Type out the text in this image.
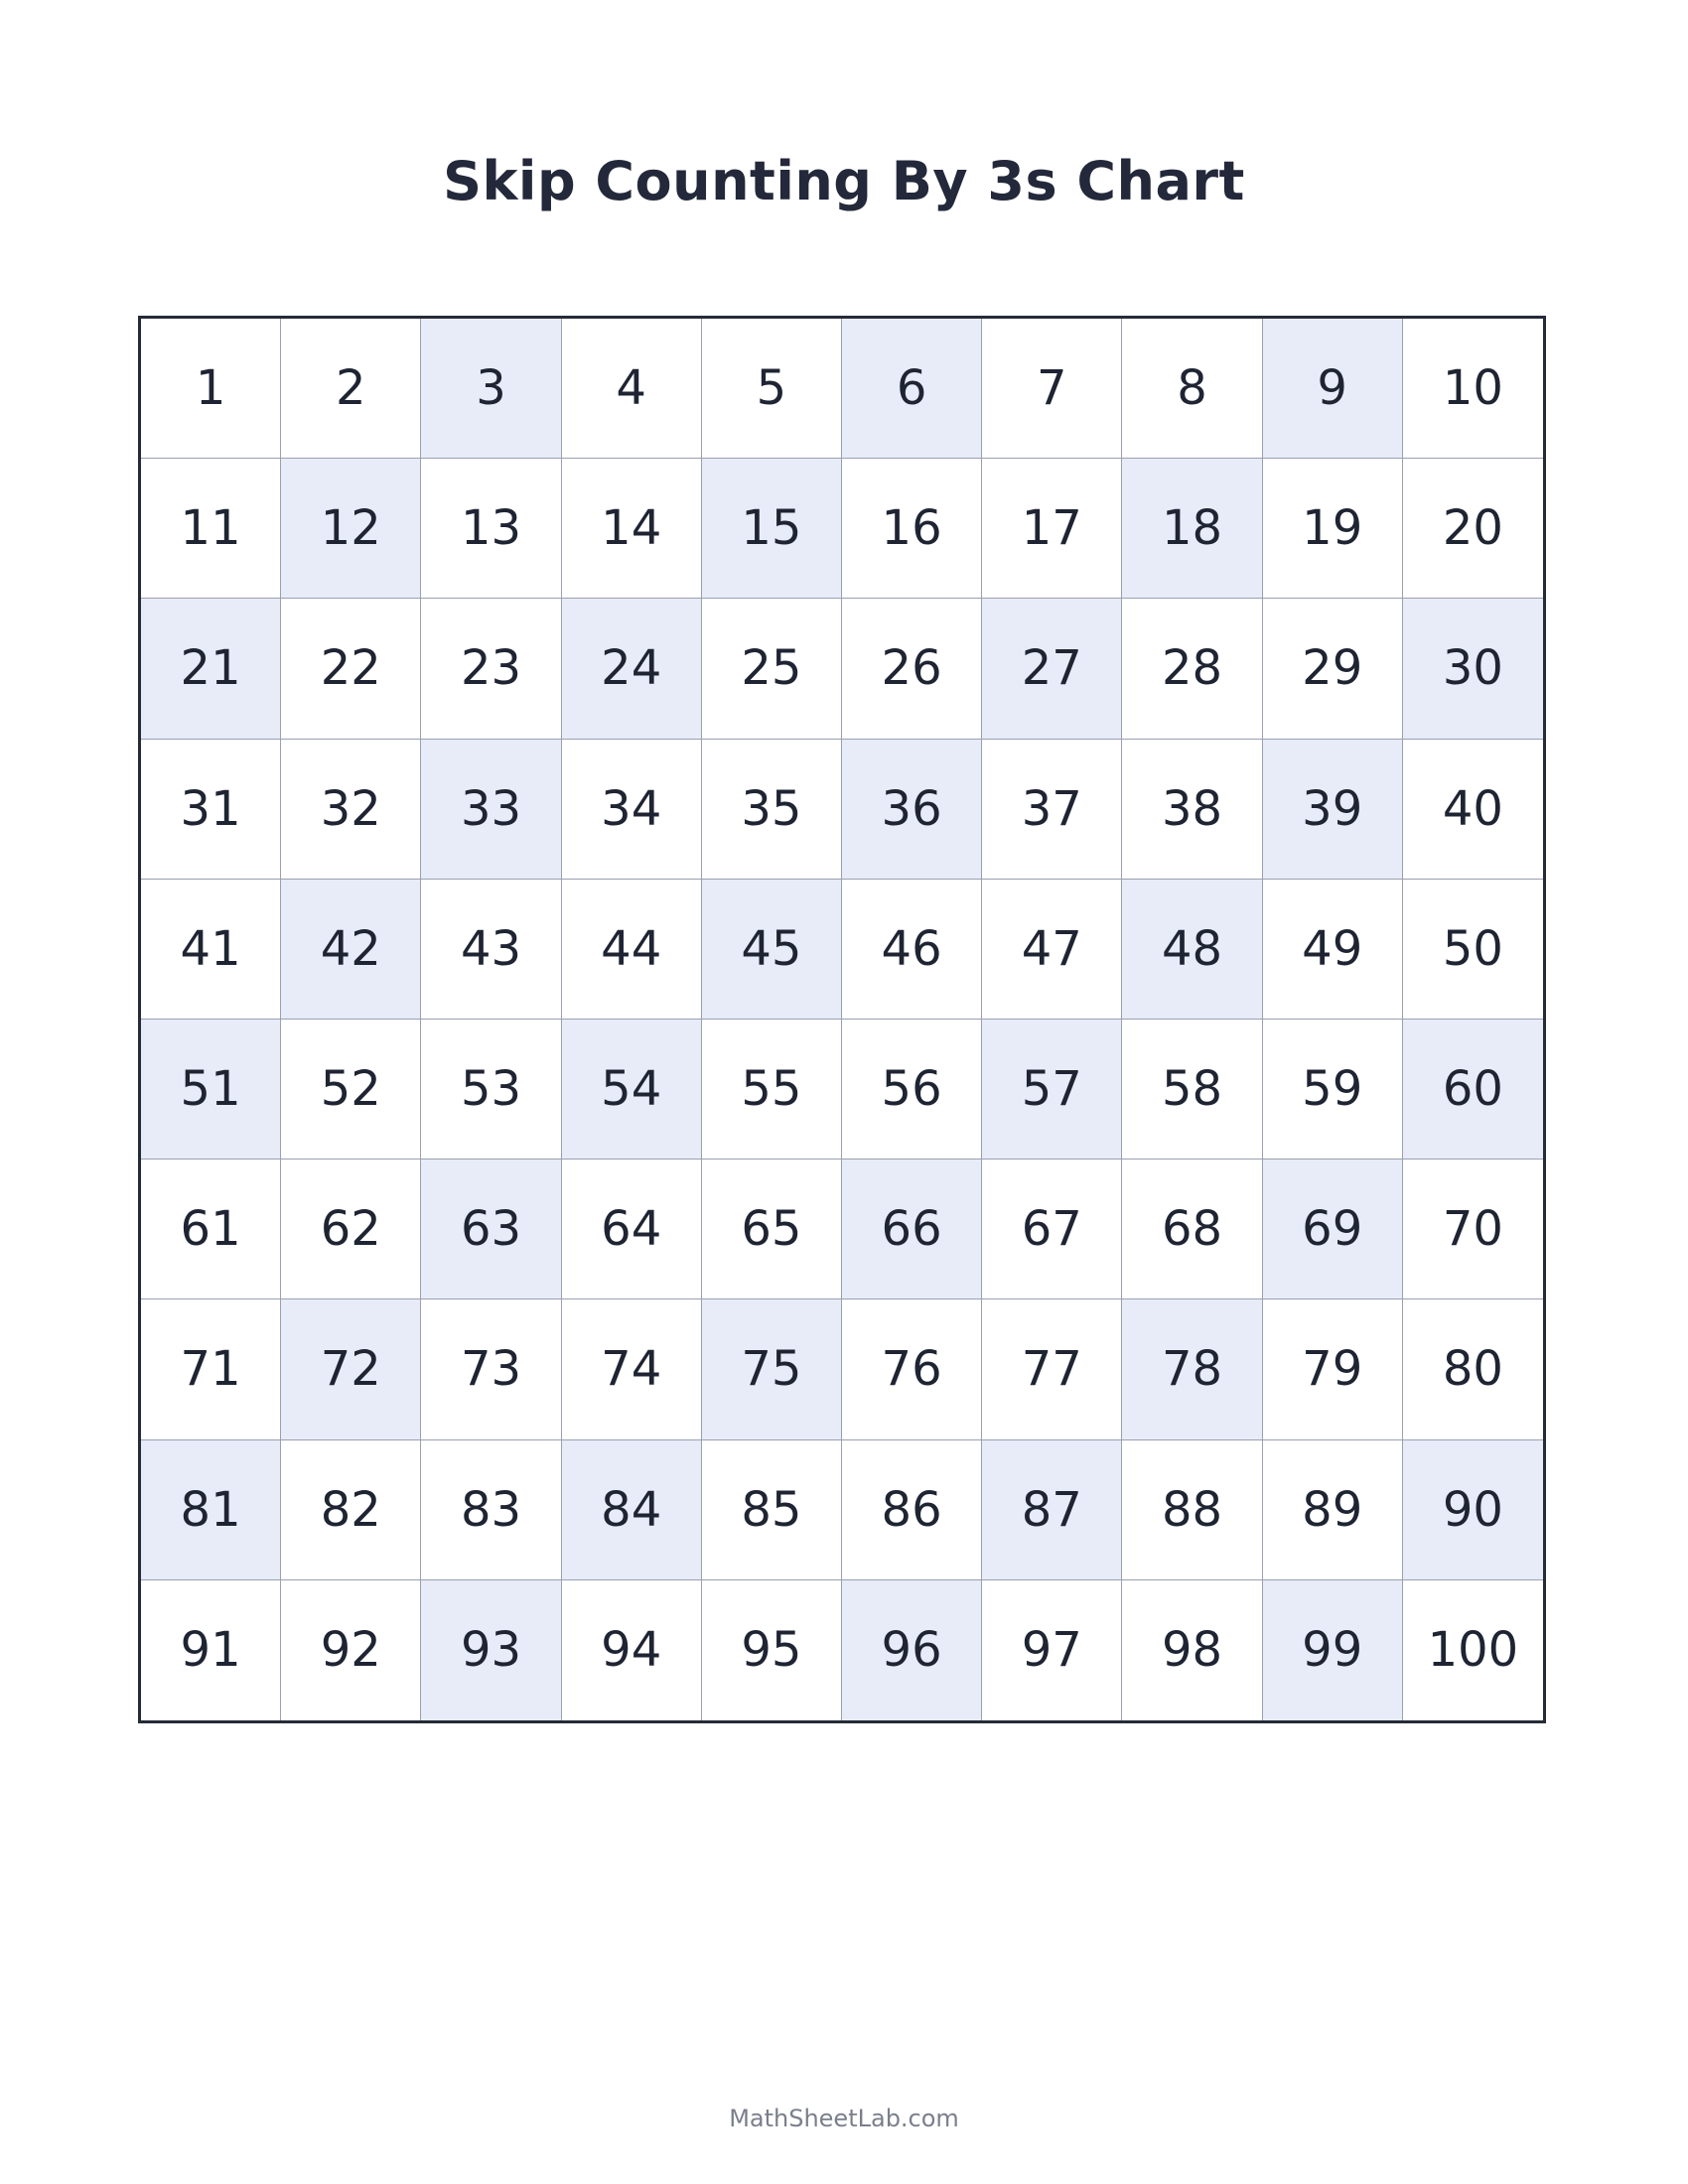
Skip Counting By 3s Chart
1	2	3	4	5	6	7	8	9	10
11	12	13	14	15	16	17	18	19	20
21	22	23	24	25	26	27	28	29	30
31	32	33	34	35	36	37	38	39	40
41	42	43	44	45	46	47	48	49	50
51	52	53	54	55	56	57	58	59	60
61	62	63	64	65	66	67	68	69	70
71	72	73	74	75	76	77	78	79	80
81	82	83	84	85	86	87	88	89	90
91	92	93	94	95	96	97	98	99	100
MathSheetLab.com
